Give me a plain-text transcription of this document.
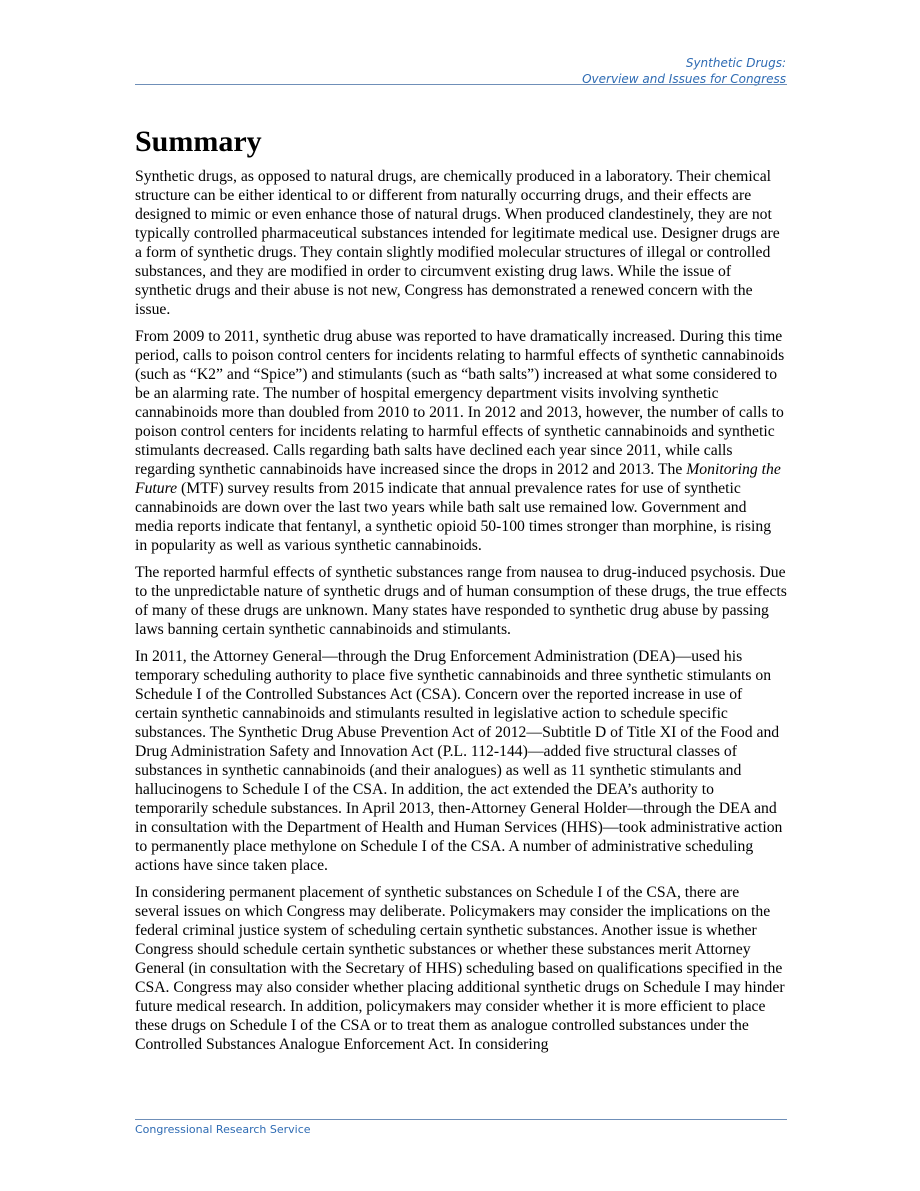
Synthetic Drugs:
Overview and Issues for Congress
Summary

Synthetic drugs, as opposed to natural drugs, are chemically produced in a laboratory. Their chemical structure can be either identical to or different from naturally occurring drugs, and their effects are designed to mimic or even enhance those of natural drugs. When produced clandestinely, they are not typically controlled pharmaceutical substances intended for legitimate medical use. Designer drugs are a form of synthetic drugs. They contain slightly modified molecular structures of illegal or controlled substances, and they are modified in order to circumvent existing drug laws. While the issue of synthetic drugs and their abuse is not new, Congress has demonstrated a renewed concern with the issue.

From 2009 to 2011, synthetic drug abuse was reported to have dramatically increased. During this time period, calls to poison control centers for incidents relating to harmful effects of synthetic cannabinoids (such as “K2” and “Spice”) and stimulants (such as “bath salts”) increased at what some considered to be an alarming rate. The number of hospital emergency department visits involving synthetic cannabinoids more than doubled from 2010 to 2011. In 2012 and 2013, however, the number of calls to poison control centers for incidents relating to harmful effects of synthetic cannabinoids and synthetic stimulants decreased. Calls regarding bath salts have declined each year since 2011, while calls regarding synthetic cannabinoids have increased since the drops in 2012 and 2013. The Monitoring the Future (MTF) survey results from 2015 indicate that annual prevalence rates for use of synthetic cannabinoids are down over the last two years while bath salt use remained low. Government and media reports indicate that fentanyl, a synthetic opioid 50-100 times stronger than morphine, is rising in popularity as well as various synthetic cannabinoids.

The reported harmful effects of synthetic substances range from nausea to drug-induced psychosis. Due to the unpredictable nature of synthetic drugs and of human consumption of these drugs, the true effects of many of these drugs are unknown. Many states have responded to synthetic drug abuse by passing laws banning certain synthetic cannabinoids and stimulants.

In 2011, the Attorney General—through the Drug Enforcement Administration (DEA)—used his temporary scheduling authority to place five synthetic cannabinoids and three synthetic stimulants on Schedule I of the Controlled Substances Act (CSA). Concern over the reported increase in use of certain synthetic cannabinoids and stimulants resulted in legislative action to schedule specific substances. The Synthetic Drug Abuse Prevention Act of 2012—Subtitle D of Title XI of the Food and Drug Administration Safety and Innovation Act (P.L. 112-144)—added five structural classes of substances in synthetic cannabinoids (and their analogues) as well as 11 synthetic stimulants and hallucinogens to Schedule I of the CSA. In addition, the act extended the DEA’s authority to temporarily schedule substances. In April 2013, then-Attorney General Holder—through the DEA and in consultation with the Department of Health and Human Services (HHS)—took administrative action to permanently place methylone on Schedule I of the CSA. A number of administrative scheduling actions have since taken place.

In considering permanent placement of synthetic substances on Schedule I of the CSA, there are several issues on which Congress may deliberate. Policymakers may consider the implications on the federal criminal justice system of scheduling certain synthetic substances. Another issue is whether Congress should schedule certain synthetic substances or whether these substances merit Attorney General (in consultation with the Secretary of HHS) scheduling based on qualifications specified in the CSA. Congress may also consider whether placing additional synthetic drugs on Schedule I may hinder future medical research. In addition, policymakers may consider whether it is more efficient to place these drugs on Schedule I of the CSA or to treat them as analogue controlled substances under the Controlled Substances Analogue Enforcement Act. In considering

Congressional Research Service
